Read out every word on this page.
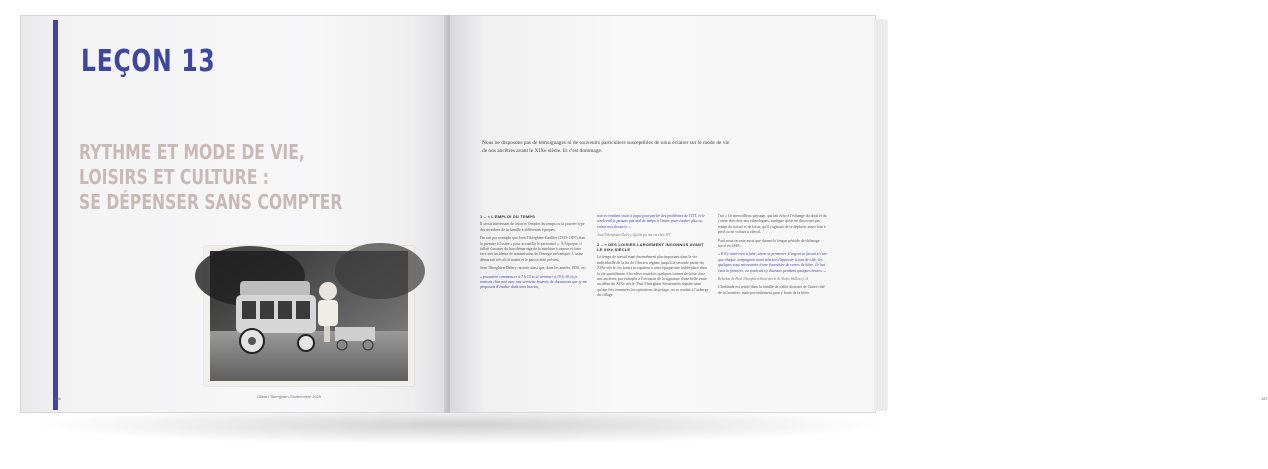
LEÇON 13
RYTHME ET MODE DE VIE,
LOISIRS ET CULTURE :
SE DÉPENSER SANS COMPTER
Gilbert Tiberghien-Stoitemeele 1929
186	187
Nous ne disposons pas de témoignages ni de souvenirs particuliers susceptibles de nous éclairer sur le mode de vie de nos ancêtres avant le XIXe siècle. Et c'est dommage.
1 – « L'EMPLOI DU TEMPS

Il serait intéressant de retracer l'emploi du temps ou la journée type des membres de la famille à différentes époques.

On sait par exemple que Jean Tiberghien-Caullier (1819-1897) était le premier à l'usine « pour accueillir le personnel ». À l'époque, il fallait s'assurer du bon démarrage de la machine à vapeur et faire face aux incidents de transmission de l'énergie mécanique. L'usine démarrait très tôt le matin et le patron était présent.

Jean Tiberghien-Delery raconte aussi que, dans les années 1950, on :

« pouvaient commencer à 7 h 15 et se terminer à 19 h 30 où je rentrais chez moi avec une serviette bourrée de documents que je me proposais d'étudier dans mon bureau,

soit en rendant visite à papa pour parler des problèmes de l'ITT, et le week-end je passais pas mal de temps à l'usine pour étudier plus au calme mes dossiers. »

Jean Tiberghien-Delery, Quelle foi ma vie chez ITT

2 – « DES LOISIRS LARGEMENT INCONNUS AVANT LE XIXe SIÈCLE

Le temps de travail étant énormément plus important dans la vie individuelle de la fin de l'Ancien régime jusqu'à la seconde partie du XIXe siècle, les loisirs occupaient à cette époque une faible place dans la vie quotidienne. On relève toutefois quelques formes de loisir chez nos ancêtres, par exemple à l'occasion de la signature d'une belle vente au début du XIXe siècle. Paul Tiberghien-Stoitemeele signale ainsi qu'une fois terminées les opérations de pesage, on se rendait à l'auberge du village.

l'air « Ce merveilleux paysage, qui fait écho à l'échange du droit et du contre don chez nos ethnologues, souligne qu'on ne dissociait pas temps de travail et de loisir, qu'il s'agissait de se déplacer assez loin à pied ou en voiture à cheval.

Paul nous raconte aussi que durant la longue période de chômage forcé en 1848 :

« Il n'y avait rien à faire, sinon se promener. L'argent se faisait si rare que chaque compagnon avait mission d'apporter à tour de rôle, les quelques sous nécessaires à une fourniture de verres de bière. Le but était la frontière, on pourrait s'y distraire pendant quelques heures. »

Relation de Paul Tiberghien-Stoitemeele & Alexis Wallon, p.31

L'habitude est restée dans la famille de s'aller distraire de l'autre côté de la frontière, mais par seulement pour y boire de la bière.
